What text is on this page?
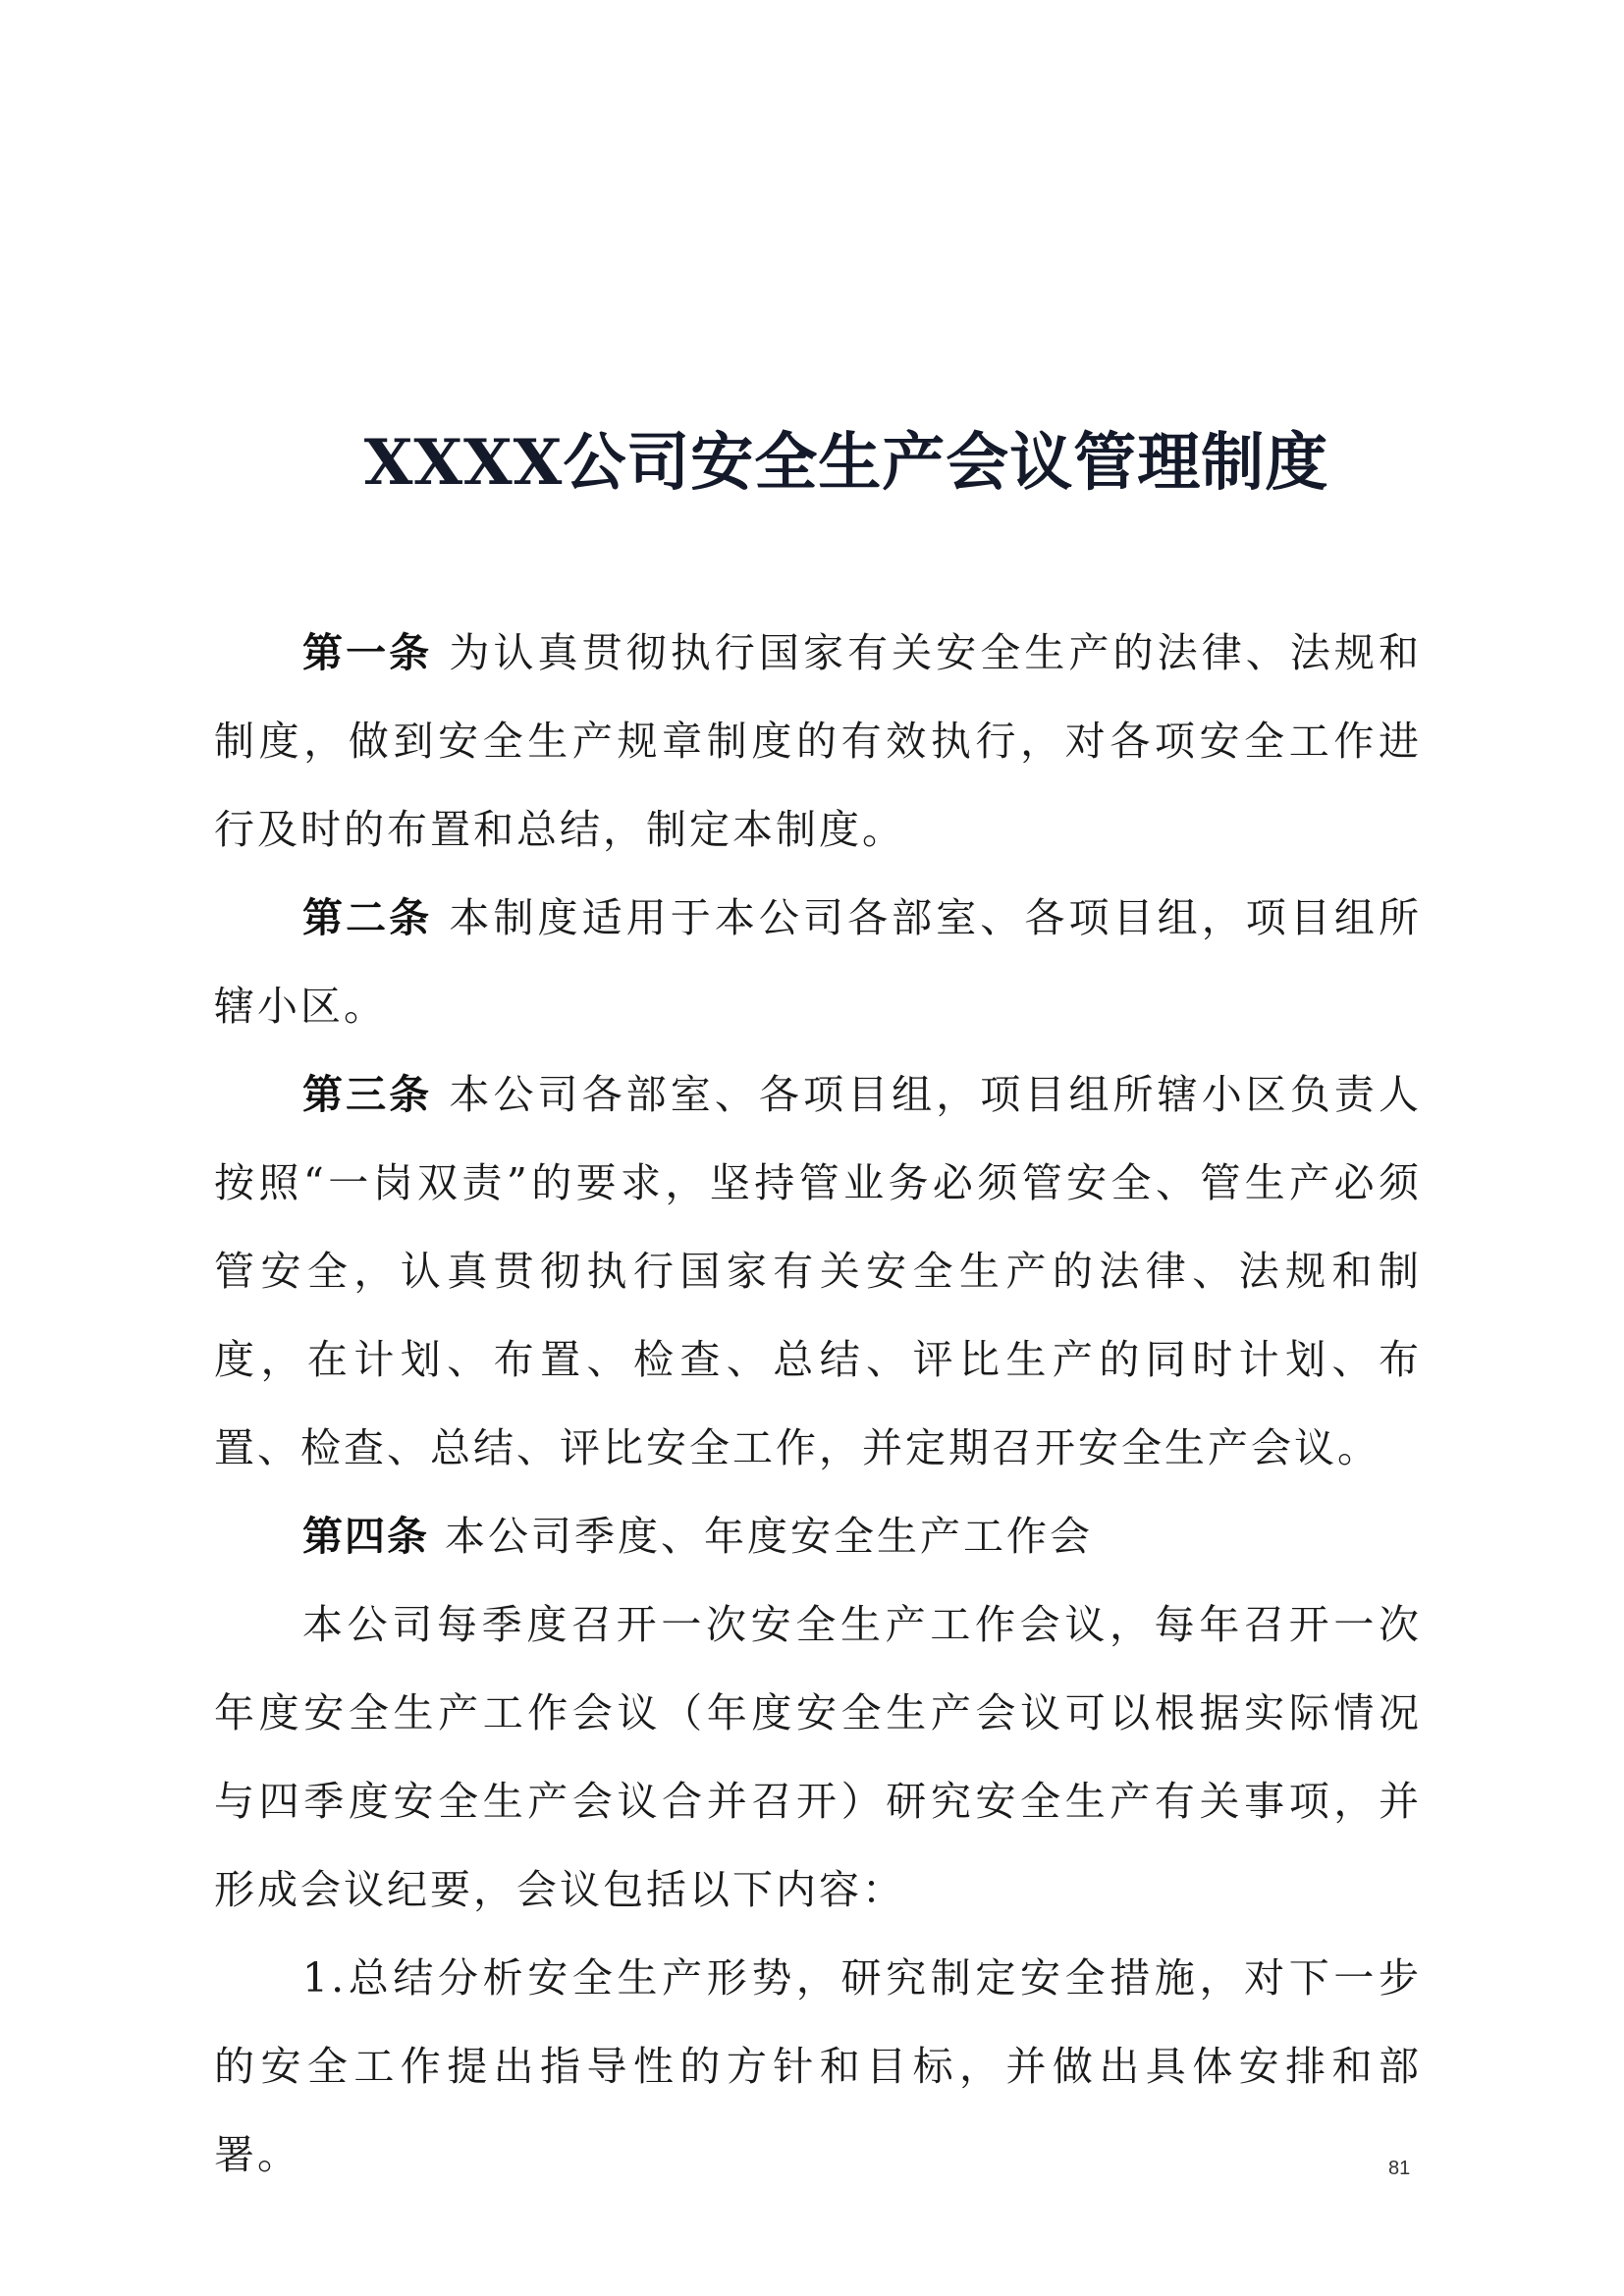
XXXX公司安全生产会议管理制度

第一条 为认真贯彻执行国家有关安全生产的法律、法规和制度，做到安全生产规章制度的有效执行，对各项安全工作进行及时的布置和总结，制定本制度。

第二条 本制度适用于本公司各部室、各项目组，项目组所辖小区。

第三条 本公司各部室、各项目组，项目组所辖小区负责人按照“一岗双责”的要求，坚持管业务必须管安全、管生产必须管安全，认真贯彻执行国家有关安全生产的法律、法规和制度，在计划、布置、检查、总结、评比生产的同时计划、布置、检查、总结、评比安全工作，并定期召开安全生产会议。

第四条 本公司季度、年度安全生产工作会

本公司每季度召开一次安全生产工作会议，每年召开一次年度安全生产工作会议（年度安全生产会议可以根据实际情况与四季度安全生产会议合并召开）研究安全生产有关事项，并形成会议纪要，会议包括以下内容：

1.总结分析安全生产形势，研究制定安全措施，对下一步的安全工作提出指导性的方针和目标，并做出具体安排和部署。	81
